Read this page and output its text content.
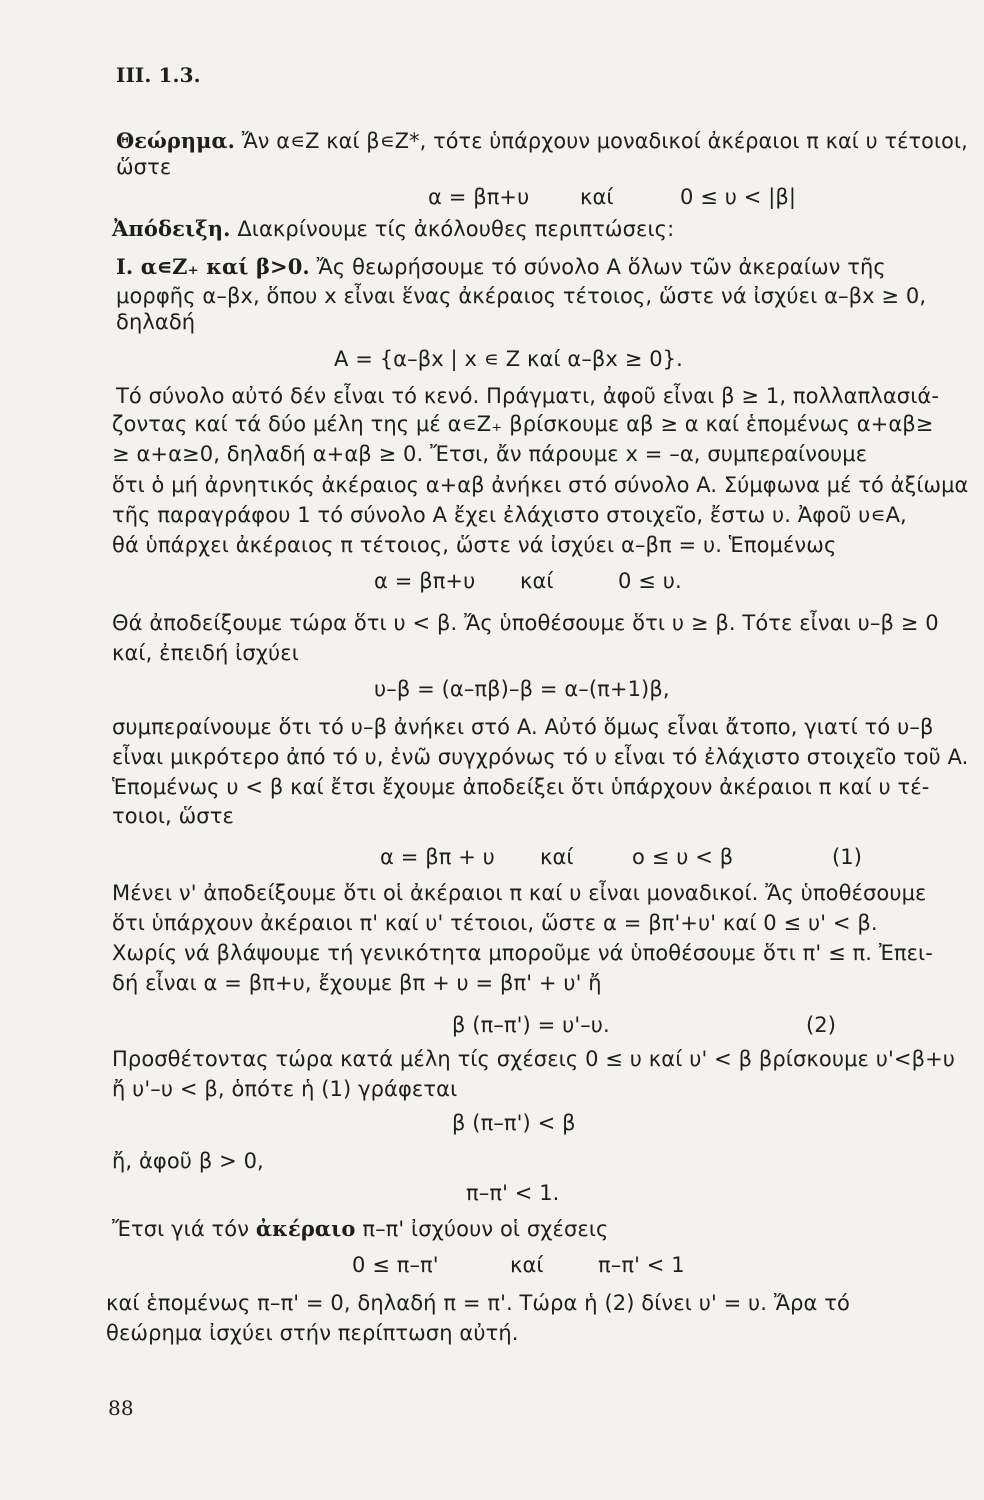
III. 1.3.
Θεώρημα. Ἄν α∊Z καί β∊Z*, τότε ὑπάρχουν μοναδικοί ἀκέραιοι π καί υ τέτοιοι,
ὥστε
α = βπ+υ καί	0 ≤ υ < |β|
Ἀπόδειξη. Διακρίνουμε τίς ἀκόλουθες περιπτώσεις:
Ι. α∊Z₊ καί β>0. Ἄς θεωρήσουμε τό σύνολο A ὅλων τῶν ἀκεραίων τῆς
μορφῆς α–βx, ὅπου x εἶναι ἕνας ἀκέραιος τέτοιος, ὥστε νά ἰσχύει α–βx ≥ 0,
δηλαδή
A = {α–βx | x ∊ Z καί α–βx ≥ 0}.
Τό σύνολο αὐτό δέν εἶναι τό κενό. Πράγματι, ἀφοῦ εἶναι β ≥ 1, πολλαπλασιά-
ζοντας καί τά δύο μέλη της μέ α∊Z₊ βρίσκουμε αβ ≥ α καί ἑπομένως α+αβ≥
≥ α+α≥0, δηλαδή α+αβ ≥ 0. Ἔτσι, ἄν πάρουμε x = –α, συμπεραίνουμε
ὅτι ὁ μή ἀρνητικός ἀκέραιος α+αβ ἀνήκει στό σύνολο A. Σύμφωνα μέ τό ἀξίωμα
τῆς παραγράφου 1 τό σύνολο A ἔχει ἐλάχιστο στοιχεῖο, ἔστω υ. Ἀφοῦ υ∊A,
θά ὑπάρχει ἀκέραιος π τέτοιος, ὥστε νά ἰσχύει α–βπ = υ. Ἑπομένως
α = βπ+υ καί	0 ≤ υ.
Θά ἀποδείξουμε τώρα ὅτι υ < β. Ἄς ὑποθέσουμε ὅτι υ ≥ β. Τότε εἶναι υ–β ≥ 0
καί, ἐπειδή ἰσχύει
υ–β = (α–πβ)–β = α–(π+1)β,
συμπεραίνουμε ὅτι τό υ–β ἀνήκει στό A. Αὐτό ὅμως εἶναι ἄτοπο, γιατί τό υ–β
εἶναι μικρότερο ἀπό τό υ, ἐνῶ συγχρόνως τό υ εἶναι τό ἐλάχιστο στοιχεῖο τοῦ A.
Ἑπομένως υ < β καί ἔτσι ἔχουμε ἀποδείξει ὅτι ὑπάρχουν ἀκέραιοι π καί υ τέ-
τοιοι, ὥστε
α = βπ + υ καί	o ≤ υ < β	(1)
Μένει ν' ἀποδείξουμε ὅτι οἱ ἀκέραιοι π καί υ εἶναι μοναδικοί. Ἄς ὑποθέσουμε
ὅτι ὑπάρχουν ἀκέραιοι π' καί υ' τέτοιοι, ὥστε α = βπ'+υ' καί 0 ≤ υ' < β.
Χωρίς νά βλάψουμε τή γενικότητα μποροῦμε νά ὑποθέσουμε ὅτι π' ≤ π. Ἐπει-
δή εἶναι α = βπ+υ, ἔχουμε βπ + υ = βπ' + υ' ἤ
β (π–π') = υ'–υ.	(2)
Προσθέτοντας τώρα κατά μέλη τίς σχέσεις 0 ≤ υ καί υ' < β βρίσκουμε υ'<β+υ
ἤ υ'–υ < β, ὁπότε ἡ (1) γράφεται
β (π–π') < β
ἤ, ἀφοῦ β > 0,
π–π' < 1.
Ἔτσι γιά τόν ἀκέραιο π–π' ἰσχύουν οἱ σχέσεις
0 ≤ π–π'	καί	π–π' < 1
καί ἑπομένως π–π' = 0, δηλαδή π = π'. Τώρα ἡ (2) δίνει υ' = υ. Ἄρα τό
θεώρημα ἰσχύει στήν περίπτωση αὐτή.
88
